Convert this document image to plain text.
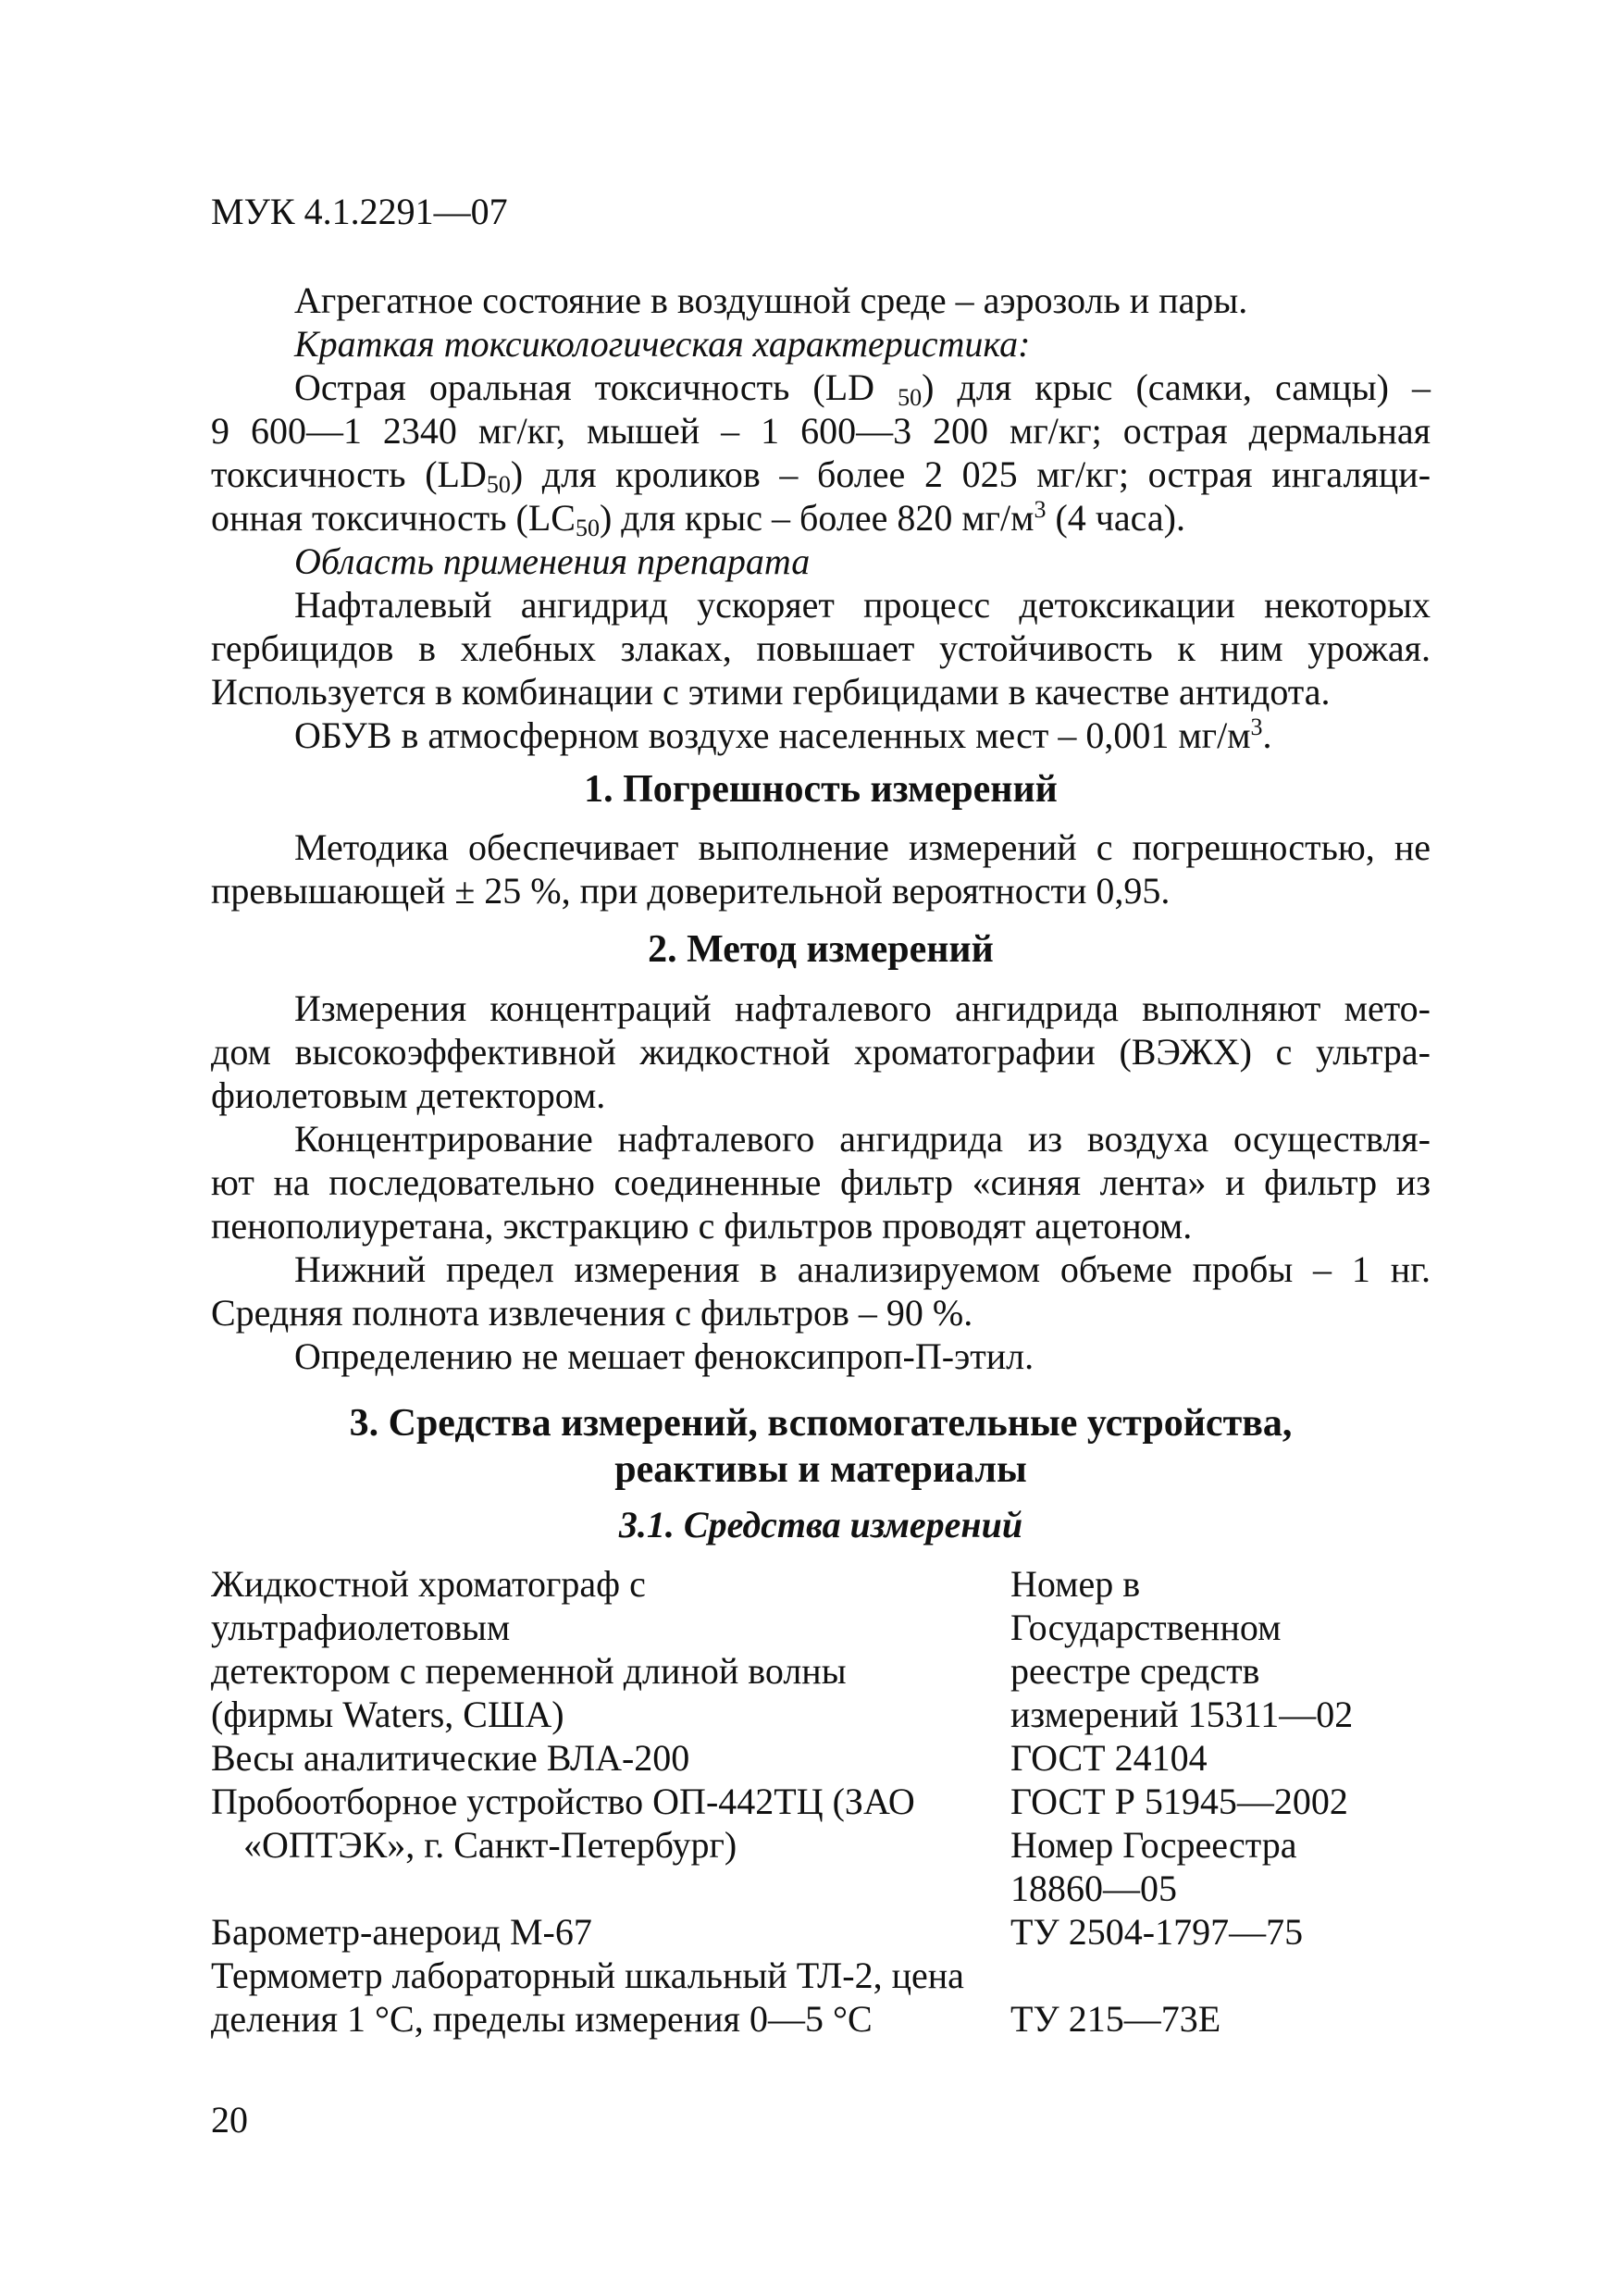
МУК 4.1.2291—07
Агрегатное состояние в воздушной среде – аэрозоль и пары.
Краткая токсикологическая характеристика:
Острая оральная токсичность (LD $_{50}$) для крыс (самки, самцы) –
9 600—1 2340 мг/кг, мышей – 1 600—3 200 мг/кг; острая дермальная
токсичность $(LD_{50})$ для кроликов – более 2 025 мг/кг; острая ингаляци-
онная токсичность $(LC_{50})$ для крыс – более 820 $мг/м^3$ (4 часа).
Область применения препарата
Нафталевый ангидрид ускоряет процесс детоксикации некоторых
гербицидов в хлебных злаках, повышает устойчивость к ним урожая.
Используется в комбинации с этими гербицидами в качестве антидота.
ОБУВ в атмосферном воздухе населенных мест – 0,001 $мг/м^3$.
1. Погрешность измерений
Методика обеспечивает выполнение измерений с погрешностью, не
превышающей ± 25 %, при доверительной вероятности 0,95.
2. Метод измерений
Измерения концентраций нафталевого ангидрида выполняют мето-
дом высокоэффективной жидкостной хроматографии (ВЭЖХ) с ультра-
фиолетовым детектором.
Концентрирование нафталевого ангидрида из воздуха осуществля-
ют на последовательно соединенные фильтр «синяя лента» и фильтр из
пенополиуретана, экстракцию с фильтров проводят ацетоном.
Нижний предел измерения в анализируемом объеме пробы – 1 нг.
Средняя полнота извлечения с фильтров – 90 %.
Определению не мешает феноксипроп-П-этил.
3. Средства измерений, вспомогательные устройства,
реактивы и материалы
3.1. Средства измерений
Жидкостной хроматограф с	Номер в
ультрафиолетовым	Государственном
детектором с переменной длиной волны	реестре средств
(фирмы Waters, США)	измерений 15311—02
Весы аналитические ВЛА-200	ГОСТ 24104
Пробоотборное устройство ОП-442ТЦ (ЗАО	ГОСТ Р 51945—2002
«ОПТЭК», г. Санкт-Петербург)	Номер Госреестра
18860—05
Барометр-анероид М-67	ТУ 2504-1797—75
Термометр лабораторный шкальный ТЛ-2, цена
деления 1 °С, пределы измерения 0—5 °С	ТУ 215—73Е
20
